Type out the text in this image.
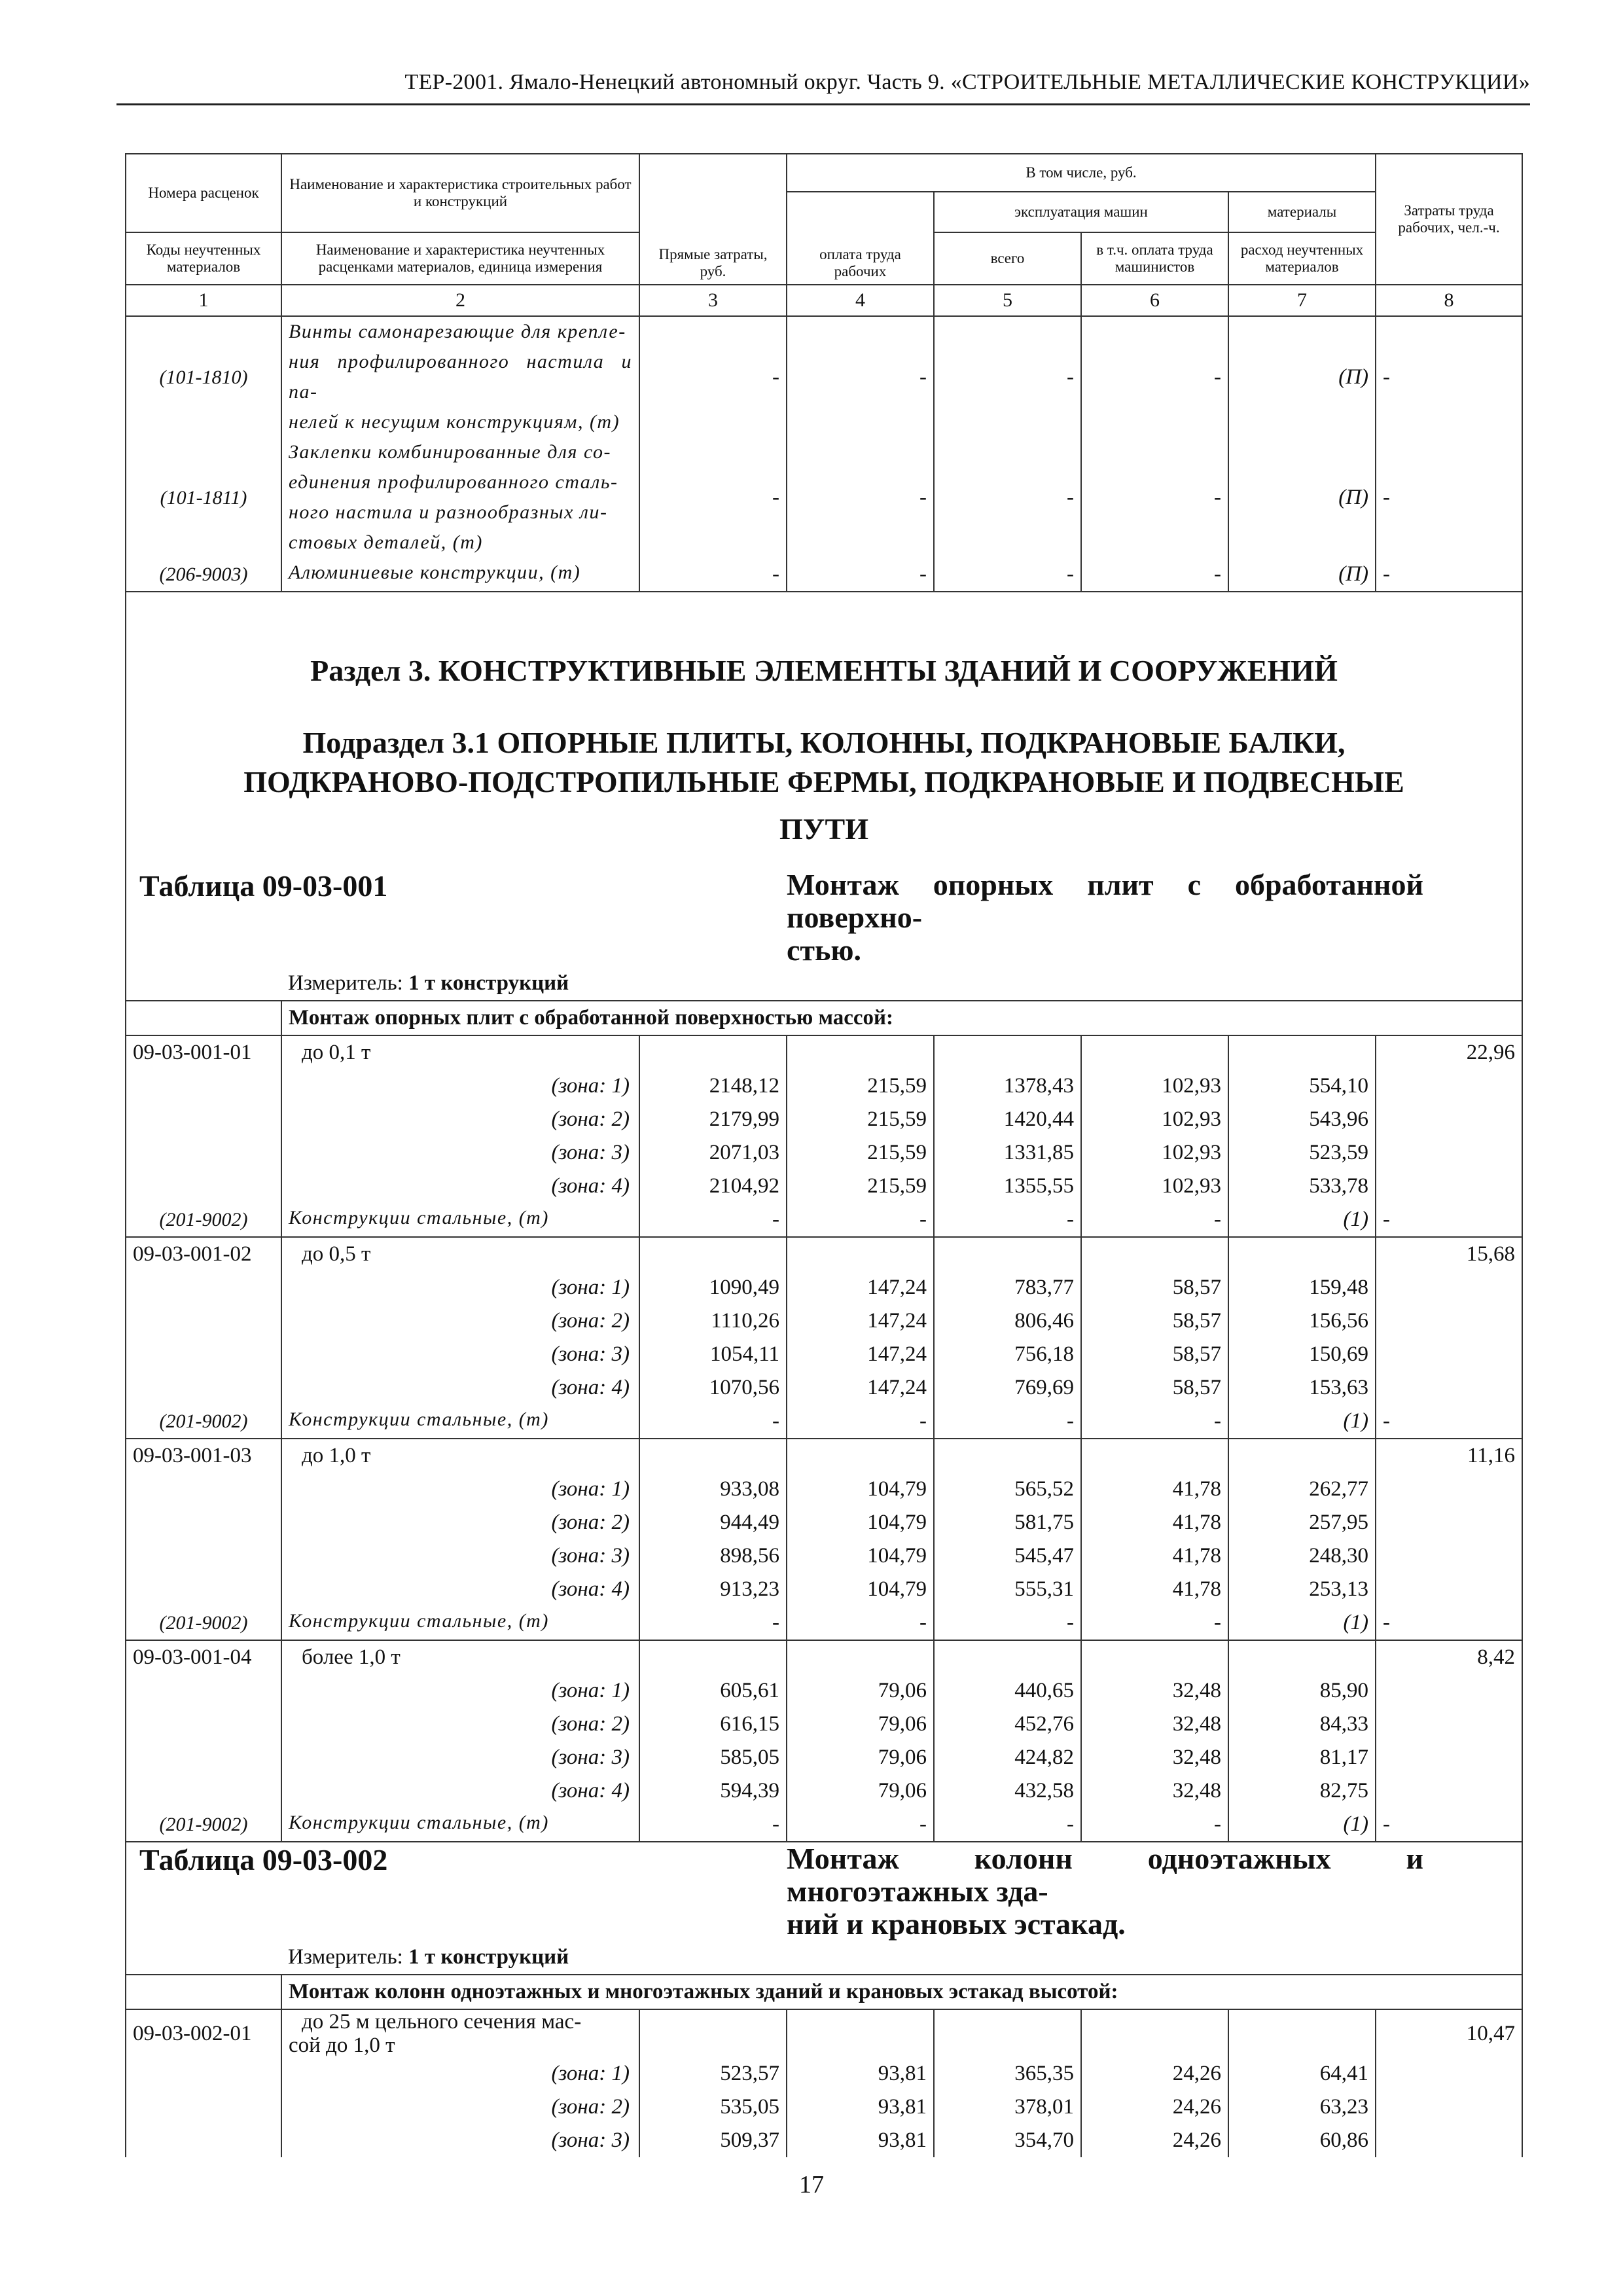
ТЕР-2001. Ямало-Ненецкий автономный округ. Часть 9. «СТРОИТЕЛЬНЫЕ МЕТАЛЛИЧЕСКИЕ КОНСТРУКЦИИ»
Номера расценок	Наименование и характеристика строительных работ и конструкций	Прямые затраты, руб.	В том числе, руб.				Затраты труда рабочих, чел.-ч.
			оплата труда рабочих	эксплуатация машин		материалы	
Коды неучтенных материалов	Наименование и характеристика неучтенных расценками материалов, единица измерения			всего	в т.ч. оплата труда машинистов	расход неучтенных материалов	

1	2	3	4	5	6	7	8
(101-1810)	Винты самонарезающие для крепле-
ния профилированного настила и па-
нелей к несущим конструкциям, (т)	-	-	-	-	(П)	-
(101-1811)	Заклепки комбинированные для со-
единения профилированного сталь-
ного настила и разнообразных ли-
стовых деталей, (т)	-	-	-	-	(П)	-
(206-9003)	Алюминиевые конструкции, (т)	-	-	-	-	(П)	-
Раздел 3. КОНСТРУКТИВНЫЕ ЭЛЕМЕНТЫ ЗДАНИЙ И СООРУЖЕНИЙ							

Подраздел 3.1 ОПОРНЫЕ ПЛИТЫ, КОЛОННЫ, ПОДКРАНОВЫЕ БАЛКИ,
ПОДКРАНОВО-ПОДСТРОПИЛЬНЫЕ ФЕРМЫ, ПОДКРАНОВЫЕ И ПОДВЕСНЫЕ
ПУТИ							

Таблица 09-03-001			Монтаж опорных плит с обработанной поверхно-
стью.				

	Измеритель: 1 т конструкций						
	Монтаж опорных плит с обработанной поверхностью массой:						
09-03-001-01	до 0,1 т						22,96
	(зона: 1)	2148,12	215,59	1378,43	102,93	554,10	
	(зона: 2)	2179,99	215,59	1420,44	102,93	543,96	
	(зона: 3)	2071,03	215,59	1331,85	102,93	523,59	
	(зона: 4)	2104,92	215,59	1355,55	102,93	533,78	
(201-9002)	Конструкции стальные, (т)	-	-	-	-	(1)	-
09-03-001-02	до 0,5 т						15,68
	(зона: 1)	1090,49	147,24	783,77	58,57	159,48	
	(зона: 2)	1110,26	147,24	806,46	58,57	156,56	
	(зона: 3)	1054,11	147,24	756,18	58,57	150,69	
	(зона: 4)	1070,56	147,24	769,69	58,57	153,63	
(201-9002)	Конструкции стальные, (т)	-	-	-	-	(1)	-
09-03-001-03	до 1,0 т						11,16
	(зона: 1)	933,08	104,79	565,52	41,78	262,77	
	(зона: 2)	944,49	104,79	581,75	41,78	257,95	
	(зона: 3)	898,56	104,79	545,47	41,78	248,30	
	(зона: 4)	913,23	104,79	555,31	41,78	253,13	
(201-9002)	Конструкции стальные, (т)	-	-	-	-	(1)	-
09-03-001-04	более 1,0 т						8,42
	(зона: 1)	605,61	79,06	440,65	32,48	85,90	
	(зона: 2)	616,15	79,06	452,76	32,48	84,33	
	(зона: 3)	585,05	79,06	424,82	32,48	81,17	
	(зона: 4)	594,39	79,06	432,58	32,48	82,75	
(201-9002)	Конструкции стальные, (т)	-	-	-	-	(1)	-
Таблица 09-03-002			Монтаж колонн одноэтажных и многоэтажных зда-
ний и крановых эстакад.				

	Измеритель: 1 т конструкций						
	Монтаж колонн одноэтажных и многоэтажных зданий и крановых эстакад высотой:						
09-03-002-01	до 25 м цельного сечения мас-
сой до 1,0 т						10,47
	(зона: 1)	523,57	93,81	365,35	24,26	64,41	
	(зона: 2)	535,05	93,81	378,01	24,26	63,23	
	(зона: 3)	509,37	93,81	354,70	24,26	60,86	
17
